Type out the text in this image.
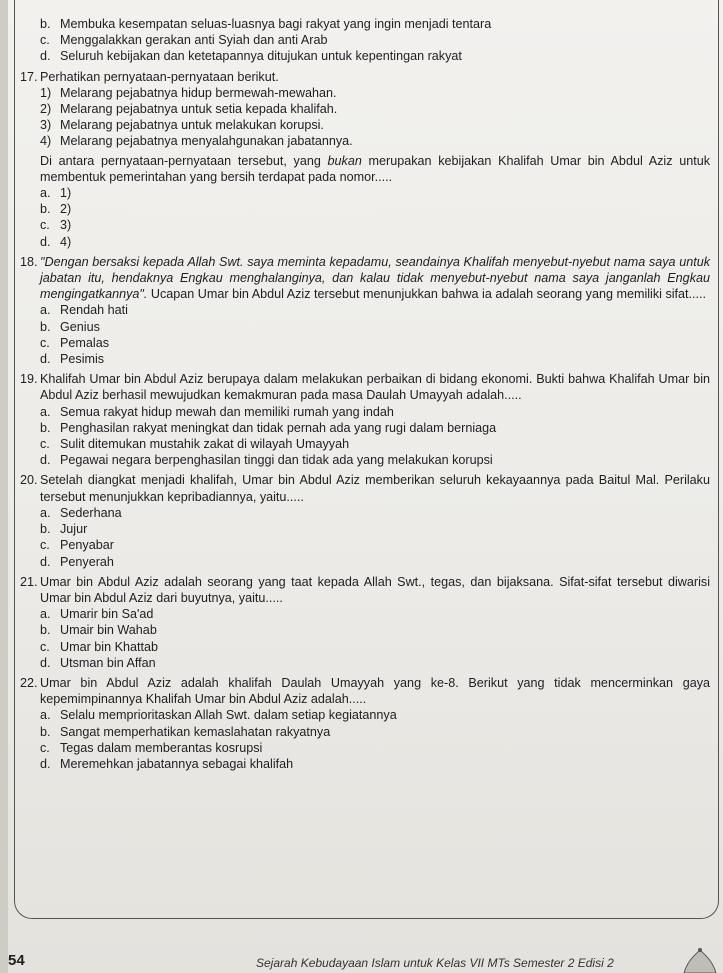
b. Membuka kesempatan seluas-luasnya bagi rakyat yang ingin menjadi tentara
c. Menggalakkan gerakan anti Syiah dan anti Arab
d. Seluruh kebijakan dan ketetapannya ditujukan untuk kepentingan rakyat
17. Perhatikan pernyataan-pernyataan berikut.
1) Melarang pejabatnya hidup bermewah-mewahan.
2) Melarang pejabatnya untuk setia kepada khalifah.
3) Melarang pejabatnya untuk melakukan korupsi.
4) Melarang pejabatnya menyalahgunakan jabatannya.
Di antara pernyataan-pernyataan tersebut, yang bukan merupakan kebijakan Khalifah Umar bin Abdul Aziz untuk membentuk pemerintahan yang bersih terdapat pada nomor.....
a. 1)
b. 2)
c. 3)
d. 4)
18. "Dengan bersaksi kepada Allah Swt. saya meminta kepadamu, seandainya Khalifah menyebut-nyebut nama saya untuk jabatan itu, hendaknya Engkau menghalanginya, dan kalau tidak menyebut-nyebut nama saya janganlah Engkau mengingatkannya". Ucapan Umar bin Abdul Aziz tersebut menunjukkan bahwa ia adalah seorang yang memiliki sifat.....
a. Rendah hati
b. Genius
c. Pemalas
d. Pesimis
19. Khalifah Umar bin Abdul Aziz berupaya dalam melakukan perbaikan di bidang ekonomi. Bukti bahwa Khalifah Umar bin Abdul Aziz berhasil mewujudkan kemakmuran pada masa Daulah Umayyah adalah.....
a. Semua rakyat hidup mewah dan memiliki rumah yang indah
b. Penghasilan rakyat meningkat dan tidak pernah ada yang rugi dalam berniaga
c. Sulit ditemukan mustahik zakat di wilayah Umayyah
d. Pegawai negara berpenghasilan tinggi dan tidak ada yang melakukan korupsi
20. Setelah diangkat menjadi khalifah, Umar bin Abdul Aziz memberikan seluruh kekayaannya pada Baitul Mal. Perilaku tersebut menunjukkan kepribadiannya, yaitu.....
a. Sederhana
b. Jujur
c. Penyabar
d. Penyerah
21. Umar bin Abdul Aziz adalah seorang yang taat kepada Allah Swt., tegas, dan bijaksana. Sifat-sifat tersebut diwarisi Umar bin Abdul Aziz dari buyutnya, yaitu.....
a. Umarir bin Sa'ad
b. Umair bin Wahab
c. Umar bin Khattab
d. Utsman bin Affan
22. Umar bin Abdul Aziz adalah khalifah Daulah Umayyah yang ke-8. Berikut yang tidak mencerminkan gaya kepemimpinannya Khalifah Umar bin Abdul Aziz adalah.....
a. Selalu memprioritaskan Allah Swt. dalam setiap kegiatannya
b. Sangat memperhatikan kemaslahatan rakyatnya
c. Tegas dalam memberantas kosrupsi
d. Meremehkan jabatannya sebagai khalifah
54	Sejarah Kebudayaan Islam untuk Kelas VII MTs Semester 2 Edisi 2
